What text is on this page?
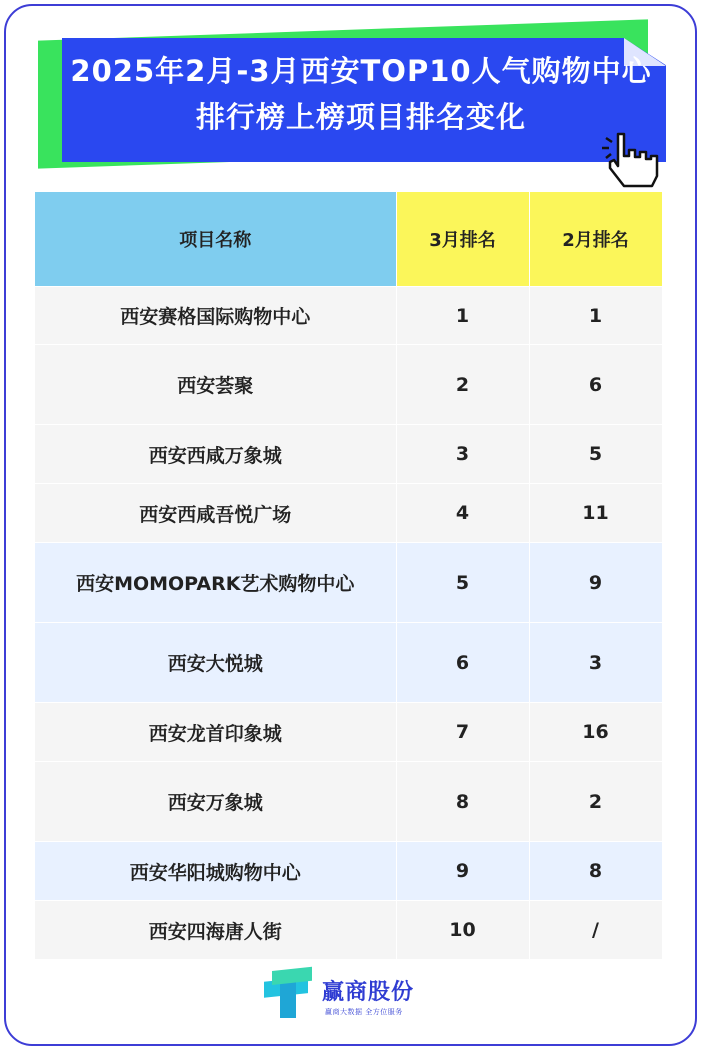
2025年2月-3月西安TOP10人气购物中心排行榜上榜项目排名变化
项目名称	3月排名	2月排名
西安赛格国际购物中心	1	1
西安荟聚	2	6
西安西咸万象城	3	5
西安西咸吾悦广场	4	11
西安MOMOPARK艺术购物中心	5	9
西安大悦城	6	3
西安龙首印象城	7	16
西安万象城	8	2
西安华阳城购物中心	9	8
西安四海唐人街	10	/
赢商股份
赢商大数据 全方位服务
